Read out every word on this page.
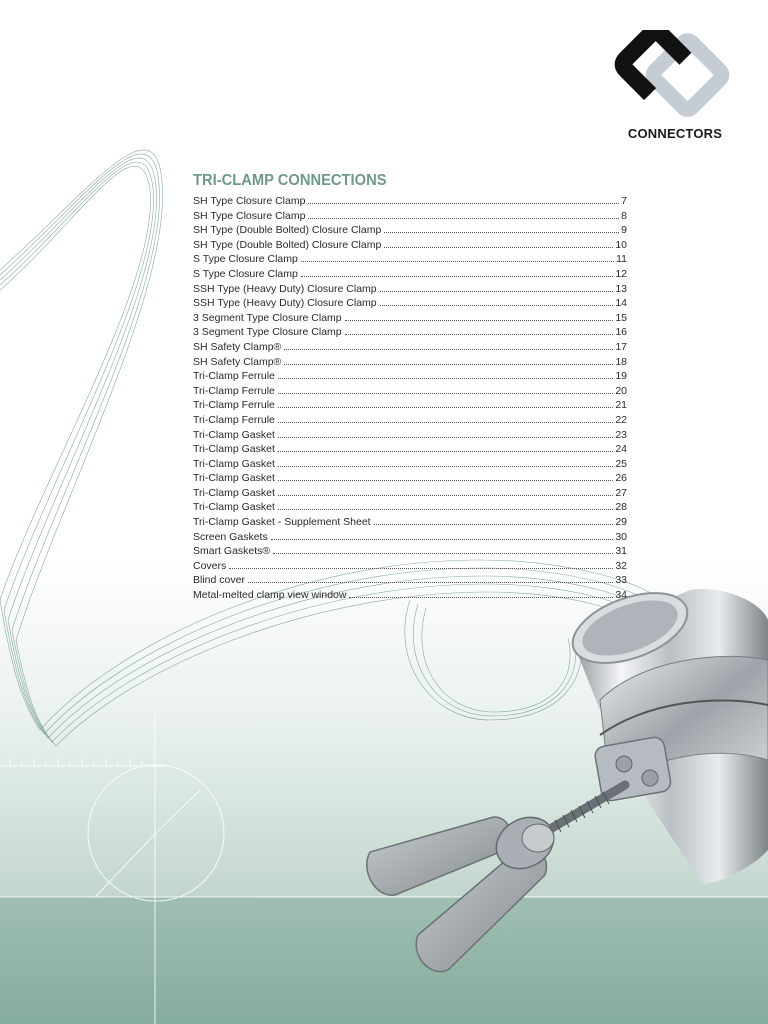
CONNECTORS
TRI-CLAMP CONNECTIONS
SH Type Closure Clamp	7
SH Type Closure Clamp	8
SH Type (Double Bolted) Closure Clamp	9
SH Type (Double Bolted) Closure Clamp	10
S Type Closure Clamp	11
S Type Closure Clamp	12
SSH Type (Heavy Duty) Closure Clamp	13
SSH Type (Heavy Duty) Closure Clamp	14
3 Segment Type Closure Clamp	15
3 Segment Type Closure Clamp	16
SH Safety Clamp®	17
SH Safety Clamp®	18
Tri-Clamp Ferrule	19
Tri-Clamp Ferrule	20
Tri-Clamp Ferrule	21
Tri-Clamp Ferrule	22
Tri-Clamp Gasket	23
Tri-Clamp Gasket	24
Tri-Clamp Gasket	25
Tri-Clamp Gasket	26
Tri-Clamp Gasket	27
Tri-Clamp Gasket	28
Tri-Clamp Gasket - Supplement Sheet	29
Screen Gaskets	30
Smart Gaskets®	31
Covers	32
Blind cover	33
Metal-melted clamp view window	34
